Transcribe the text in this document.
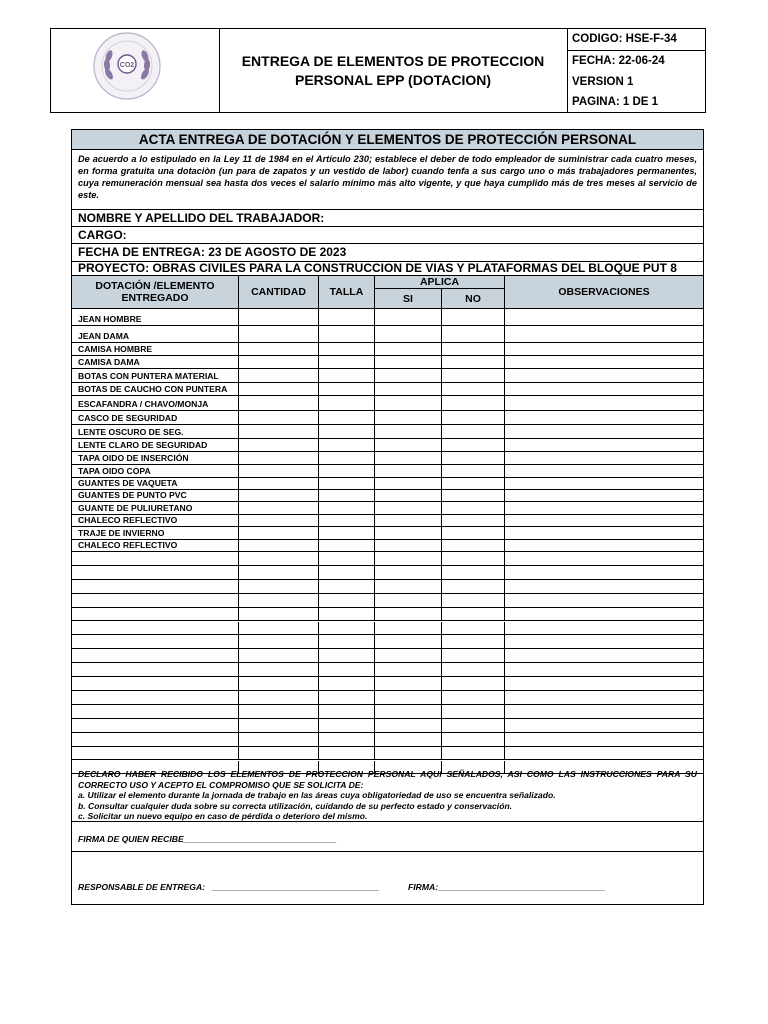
CO2	ENTREGA DE ELEMENTOS DE PROTECCION
PERSONAL EPP (DOTACION)
CODIGO: HSE-F-34
FECHA: 22-06-24
VERSION 1
PAGINA: 1 DE 1
ACTA ENTREGA DE DOTACIÓN Y ELEMENTOS DE PROTECCIÓN PERSONAL
De acuerdo a lo estipulado en la Ley 11 de 1984 en el Artículo 230; establece el deber de todo empleador de suministrar cada cuatro meses, en forma gratuita una dotaciòn (un para de zapatos y un vestido de labor) cuando tenfa a sus cargo uno o más trabajadores permanentes, cuya remuneración mensual sea hasta dos veces el salario mínimo más alto vigente, y que haya cumplido más de tres meses al servicio de este.
NOMBRE Y APELLIDO DEL TRABAJADOR:
CARGO:
FECHA DE ENTREGA: 23 DE AGOSTO DE 2023
PROYECTO: OBRAS CIVILES PARA LA CONSTRUCCION DE VIAS Y PLATAFORMAS DEL BLOQUE PUT 8
DOTACIÓN /ELEMENTO ENTREGADO	CANTIDAD	TALLA
APLICA
SI	NO
OBSERVACIONES
JEAN HOMBRE
JEAN DAMA
CAMISA HOMBRE
CAMISA DAMA
BOTAS CON PUNTERA MATERIAL
BOTAS DE CAUCHO CON PUNTERA
ESCAFANDRA / CHAVO/MONJA
CASCO DE SEGURIDAD
LENTE OSCURO DE SEG.
LENTE CLARO DE SEGURIDAD
TAPA OIDO DE INSERCIÓN
TAPA OIDO COPA
GUANTES DE VAQUETA
GUANTES DE PUNTO PVC
GUANTE DE PULIURETANO
CHALECO REFLECTIVO
TRAJE DE INVIERNO
CHALECO REFLECTIVO
DECLARO HABER RECIBIDO LOS ELEMENTOS DE PROTECCION PERSONAL AQUI SEÑALADOS, ASI COMO LAS INSTRUCCIONES PARA SU CORRECTO USO Y ACEPTO EL COMPROMISO QUE SE SOLICITA DE:
a. Utilizar el elemento durante la jornada de trabajo en las áreas cuya obligatoriedad de uso se encuentra señalizado.
b. Consultar cualquier duda sobre su correcta utilización, cuidando de su perfecto estado y conservación.
c. Solicitar un nuevo equipo en caso de pérdida o deterioro del mismo.
FIRMA DE QUIEN RECIBE________________________________
RESPONSABLE DE ENTREGA:   ___________________________________	FIRMA:___________________________________
